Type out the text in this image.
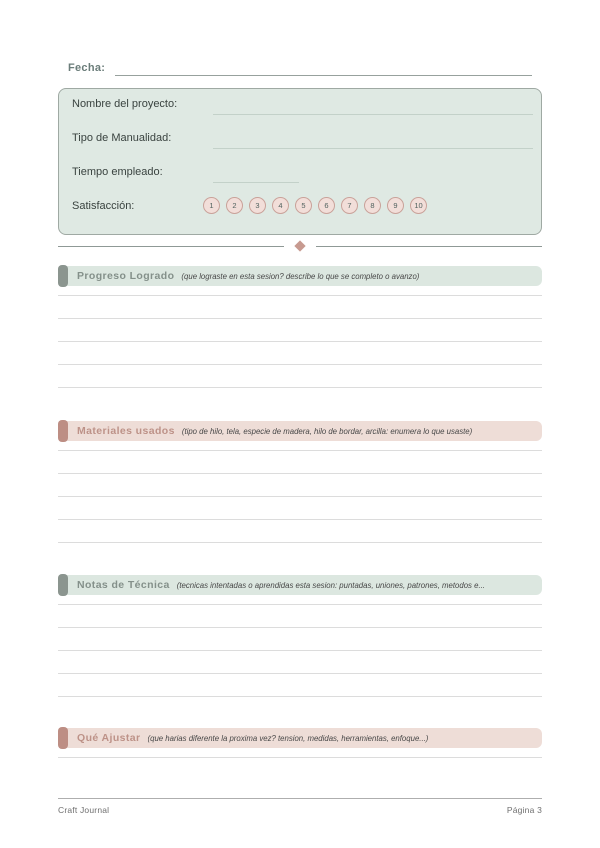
Fecha:
Nombre del proyecto:
Tipo de Manualidad:
Tiempo empleado:
Satisfacción:	1	2	3	4	5	6	7	8	9	10
Progreso Logrado (que lograste en esta sesion? describe lo que se completo o avanzo)
Materiales usados (tipo de hilo, tela, especie de madera, hilo de bordar, arcilla: enumera lo que usaste)
Notas de Técnica (tecnicas intentadas o aprendidas esta sesion: puntadas, uniones, patrones, metodos e...
Qué Ajustar (que harias diferente la proxima vez? tension, medidas, herramientas, enfoque...)
Craft Journal	Página 3
